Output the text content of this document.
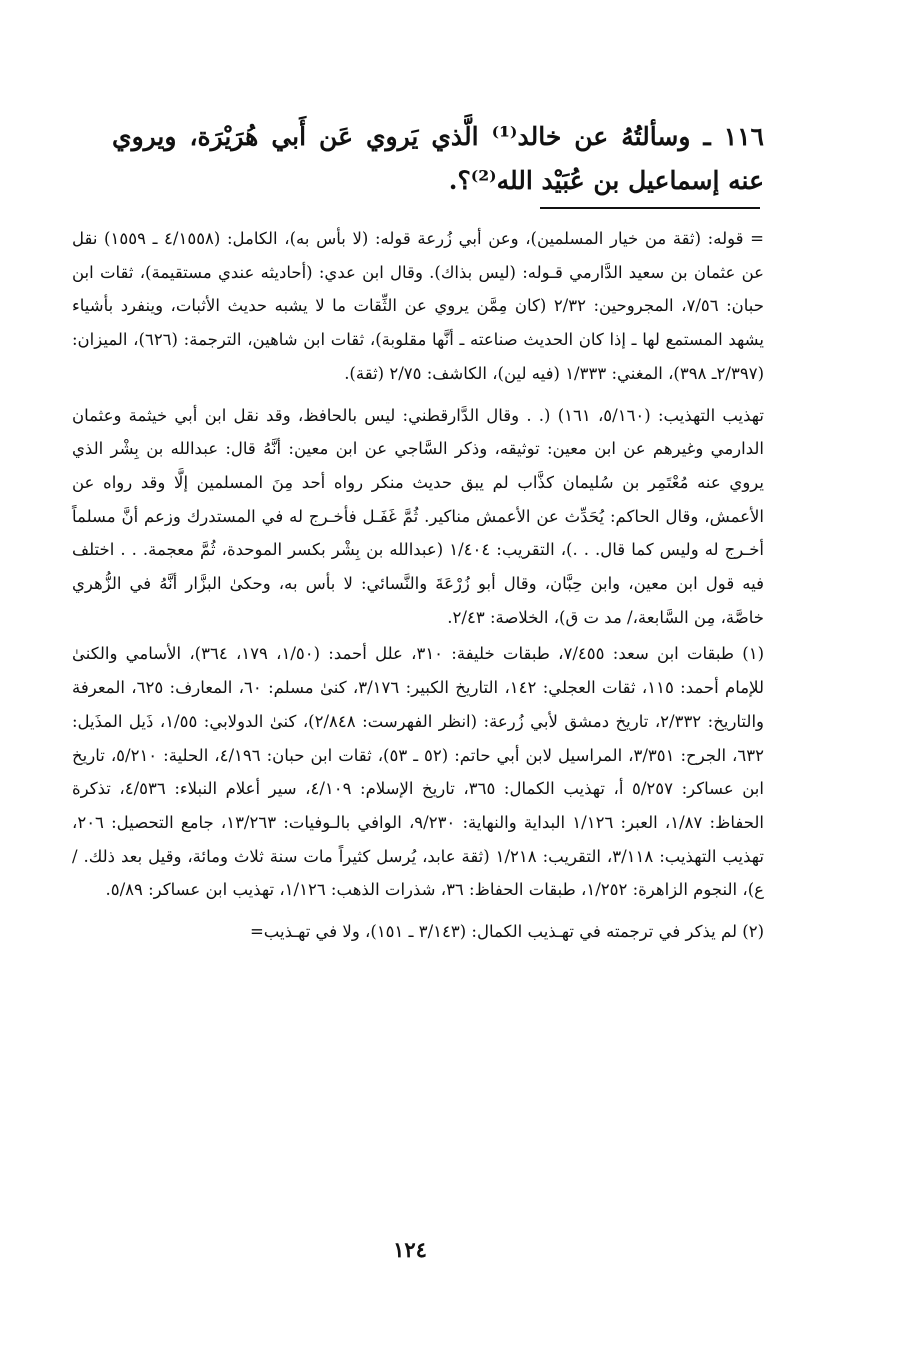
١١٦ ـ وسألتُهُ عن خالد⁽¹⁾ الَّذي يَروي عَن أَبي هُرَيْرَة، ويروي عنه إسماعيل بن عُبَيْد الله⁽²⁾؟.

= قوله: (ثقة من خيار المسلمين)، وعن أبي زُرعة قوله: (لا بأس به)، الكامل: (٤/١٥٥٨ ـ ١٥٥٩) نقل عن عثمان بن سعيد الدَّارمي قـوله: (ليس بذاك). وقال ابن عدي: (أحاديثه عندي مستقيمة)، ثقات ابن حبان: ٧/٥٦، المجروحين: ٢/٣٢ (كان مِمَّن يروي عن الثِّقات ما لا يشبه حديث الأثبات، وينفرد بأشياء يشهد المستمع لها ـ إذا كان الحديث صناعته ـ أنَّها مقلوبة)، ثقات ابن شاهين، الترجمة: (٦٢٦)، الميزان: (٢/٣٩٧ـ ٣٩٨)، المغني: ١/٣٣٣ (فيه لين)، الكاشف: ٢/٧٥ (ثقة).

تهذيب التهذيب: (٥/١٦٠، ١٦١) (. . وقال الدَّارقطني: ليس بالحافظ، وقد نقل ابن أبي خيثمة وعثمان الدارمي وغيرهم عن ابن معين: توثيقه، وذكر السَّاجي عن ابن معين: أنَّهُ قال: عبدالله بن بِشْر الذي يروي عنه مُعْتَمِر بن سُليمان كذَّاب لم يبق حديث منكر رواه أحد مِنَ المسلمين إلَّا وقد رواه عن الأعمش، وقال الحاكم: يُحَدِّث عن الأعمش مناكير. ثُمَّ غَفَـل فأخـرج له في المستدرك وزعم أنَّ مسلماً أخـرج له وليس كما قال. . .)، التقريب: ١/٤٠٤ (عبدالله بن بِشْر بكسر الموحدة، ثُمَّ معجمة. . . اختلف فيه قول ابن معين، وابن حِبَّان، وقال أبو زُرْعَةَ والنَّسائي: لا بأس به، وحكىٰ البزَّار أنَّهُ في الزُّهري خاصَّة، مِن السَّابعة،/ مد ت ق)، الخلاصة: ٢/٤٣.

(١) طبقات ابن سعد: ٧/٤٥٥، طبقات خليفة: ٣١٠، علل أحمد: (١/٥٠، ١٧٩، ٣٦٤)، الأسامي والكنىٰ للإمام أحمد: ١١٥، ثقات العجلي: ١٤٢، التاريخ الكبير: ٣/١٧٦، كنىٰ مسلم: ٦٠، المعارف: ٦٢٥، المعرفة والتاريخ: ٢/٣٣٢، تاريخ دمشق لأبي زُرعة: (انظر الفهرست: ٢/٨٤٨)، كنىٰ الدولابي: ١/٥٥، ذَيل المذَيل: ٦٣٢، الجرح: ٣/٣٥١، المراسيل لابن أبي حاتم: (٥٢ ـ ٥٣)، ثقات ابن حبان: ٤/١٩٦، الحلية: ٥/٢١٠، تاريخ ابن عساكر: ٥/٢٥٧ أ، تهذيب الكمال: ٣٦٥، تاريخ الإسلام: ٤/١٠٩، سير أعلام النبلاء: ٤/٥٣٦، تذكرة الحفاظ: ١/٨٧، العبر: ١/١٢٦ البداية والنهاية: ٩/٢٣٠، الوافي بالـوفيات: ١٣/٢٦٣، جامع التحصيل: ٢٠٦، تهذيب التهذيب: ٣/١١٨، التقريب: ١/٢١٨ (ثقة عابد، يُرسل كثيراً مات سنة ثلاث ومائة، وقيل بعد ذلك. /ع)، النجوم الزاهرة: ١/٢٥٢، طبقات الحفاظ: ٣٦، شذرات الذهب: ١/١٢٦، تهذيب ابن عساكر: ٥/٨٩.

(٢) لم يذكر في ترجمته في تهـذيب الكمال: (٣/١٤٣ ـ ١٥١)، ولا في تهـذيب=

١٢٤
